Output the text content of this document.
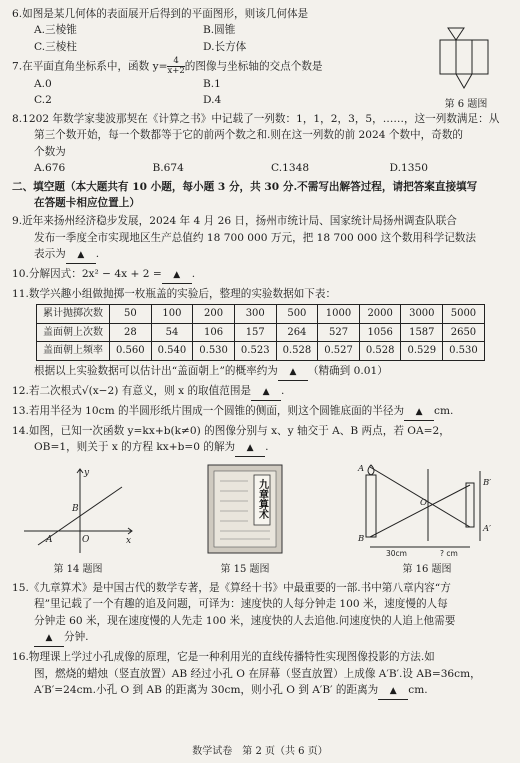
6.如图是某几何体的表面展开后得到的平面图形，则该几何体是
A.三棱锥	B.圆锥
C.三棱柱	D.长方体
第 6 题图
7.在平面直角坐标系中，函数 $y= \frac{4}{x+2}$ 的图像与坐标轴的交点个数是
A.0	B.1
C.2	D.4
8.1202 年数学家斐波那契在《计算之书》中记载了一列数：1，1，2，3，5，……，这一列数满足：从
第三个数开始，每一个数都等于它的前两个数之和.则在这一列数的前 2024 个数中，奇数的
个数为
A.676	B.674	C.1348	D.1350
二、填空题（本大题共有 10 小题，每小题 3 分，共 30 分.不需写出解答过程，请把答案直接填写
在答题卡相应位置上）
9.近年来扬州经济稳步发展，2024 年 4 月 26 日，扬州市统计局、国家统计局扬州调查队联合
发布一季度全市实现地区生产总值约 18 700 000 万元，把 18 700 000 这个数用科学记数法
表示为 ▲ .
10.分解因式：2x² − 4x + 2 = ▲ .
11.数学兴趣小组做抛掷一枚瓶盖的实验后，整理的实验数据如下表：
累计抛掷次数	50	100	200	300	500	1000	2000	3000	5000
盖面朝上次数	28	54	106	157	264	527	1056	1587	2650
盖面朝上频率	0.560	0.540	0.530	0.523	0.528	0.527	0.528	0.529	0.530
根据以上实验数据可以估计出“盖面朝上”的概率约为 ▲ （精确到 0.01）
12.若二次根式√(x−2) 有意义，则 x 的取值范围是 ▲ .
13.若用半径为 10cm 的半圆形纸片围成一个圆锥的侧面，则这个圆锥底面的半径为 ▲ cm.
14.如图，已知一次函数 y=kx+b(k≠0) 的图像分别与 x、y 轴交于 A、B 两点，若 OA=2，
OB=1，则关于 x 的方程 kx+b=0 的解为 ▲ .
y
x
A	O
B
第 14 题图
九章算术
第 15 题图
A
B
O
A′
B′
30cm	? cm
第 16 题图
15.《九章算术》是中国古代的数学专著，是《算经十书》中最重要的一部.书中第八章内容“方
程”里记载了一个有趣的追及问题，可译为：速度快的人每分钟走 100 米，速度慢的人每
分钟走 60 米，现在速度慢的人先走 100 米，速度快的人去追他.问速度快的人追上他需要
▲ 分钟.
16.物理课上学过小孔成像的原理，它是一种利用光的直线传播特性实现图像投影的方法.如
图，燃烧的蜡烛（竖直放置）AB 经过小孔 O 在屏幕（竖直放置）上成像 A′B′.设 AB=36cm，
A′B′=24cm.小孔 O 到 AB 的距离为 30cm，则小孔 O 到 A′B′ 的距离为 ▲ cm.
数学试卷　第 2 页（共 6 页）
